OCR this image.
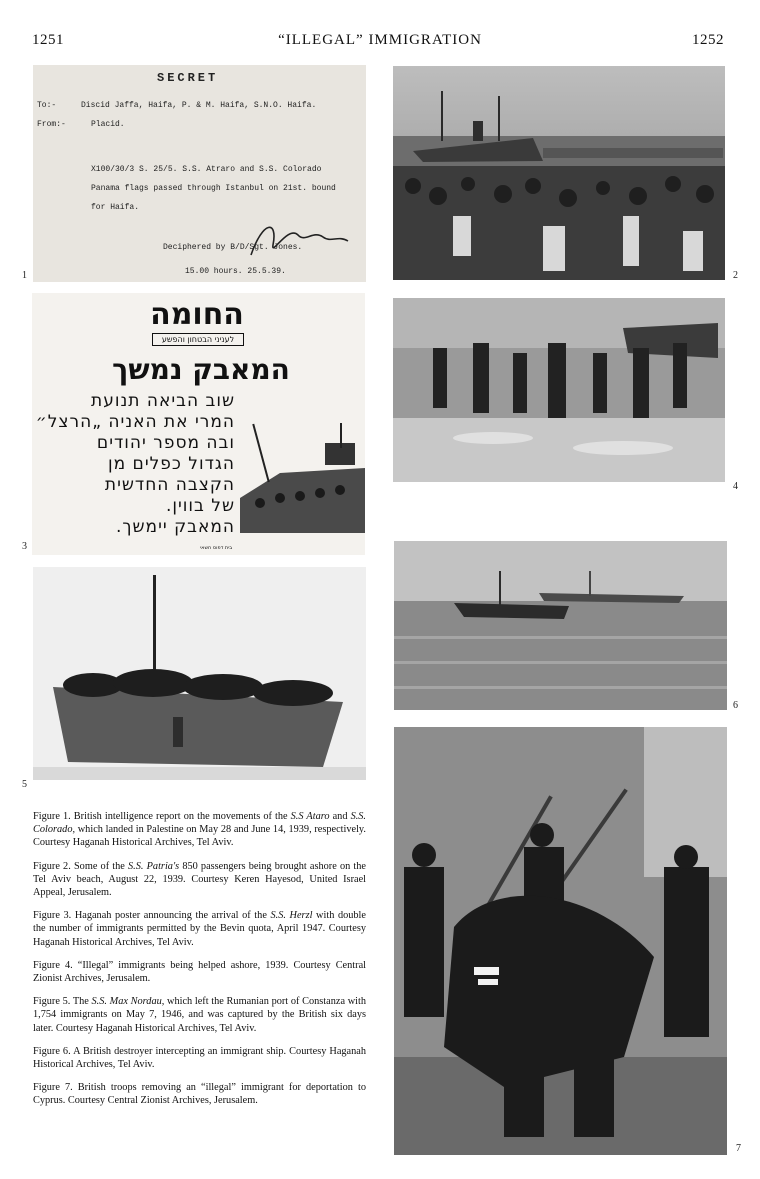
1251	“ILLEGAL” IMMIGRATION	1252
SECRET
To:-	Discid Jaffa, Haifa, P. & M. Haifa, S.N.O. Haifa.
From:-	Placid.
X100/30/3 S. 25/5. S.S. Atraro and S.S. Colorado
Panama flags passed through Istanbul on 21st. bound
for Haifa.
Deciphered by B/D/Sgt. Jones.
15.00 hours. 25.5.39.
1	2
החומה
לעניני הבטחון והפשע
המאבק נמשך
שוב הביאה תנועת
המרי את האניה „הרצל״
ובה מספר יהודים
הגדול כפלים מן
הקצבה החדשית
של בווין.
המאבק יימשך.
בית דפוס חשאי
3
4
5
6
7

Figure 1. British intelligence report on the movements of the S.S Ataro and S.S. Colorado, which landed in Palestine on May 28 and June 14, 1939, respectively. Courtesy Haganah Historical Archives, Tel Aviv.

Figure 2. Some of the S.S. Patria's 850 passengers being brought ashore on the Tel Aviv beach, August 22, 1939. Courtesy Keren Hayesod, United Israel Appeal, Jerusalem.

Figure 3. Haganah poster announcing the arrival of the S.S. Herzl with double the number of immigrants permitted by the Bevin quota, April 1947. Courtesy Haganah Historical Archives, Tel Aviv.

Figure 4. “Illegal” immigrants being helped ashore, 1939. Courtesy Central Zionist Archives, Jerusalem.

Figure 5. The S.S. Max Nordau, which left the Rumanian port of Constanza with 1,754 immigrants on May 7, 1946, and was captured by the British six days later. Courtesy Haganah Historical Archives, Tel Aviv.

Figure 6. A British destroyer intercepting an immigrant ship. Courtesy Haganah Historical Archives, Tel Aviv.

Figure 7. British troops removing an “illegal” immigrant for deportation to Cyprus. Courtesy Central Zionist Archives, Jerusalem.
